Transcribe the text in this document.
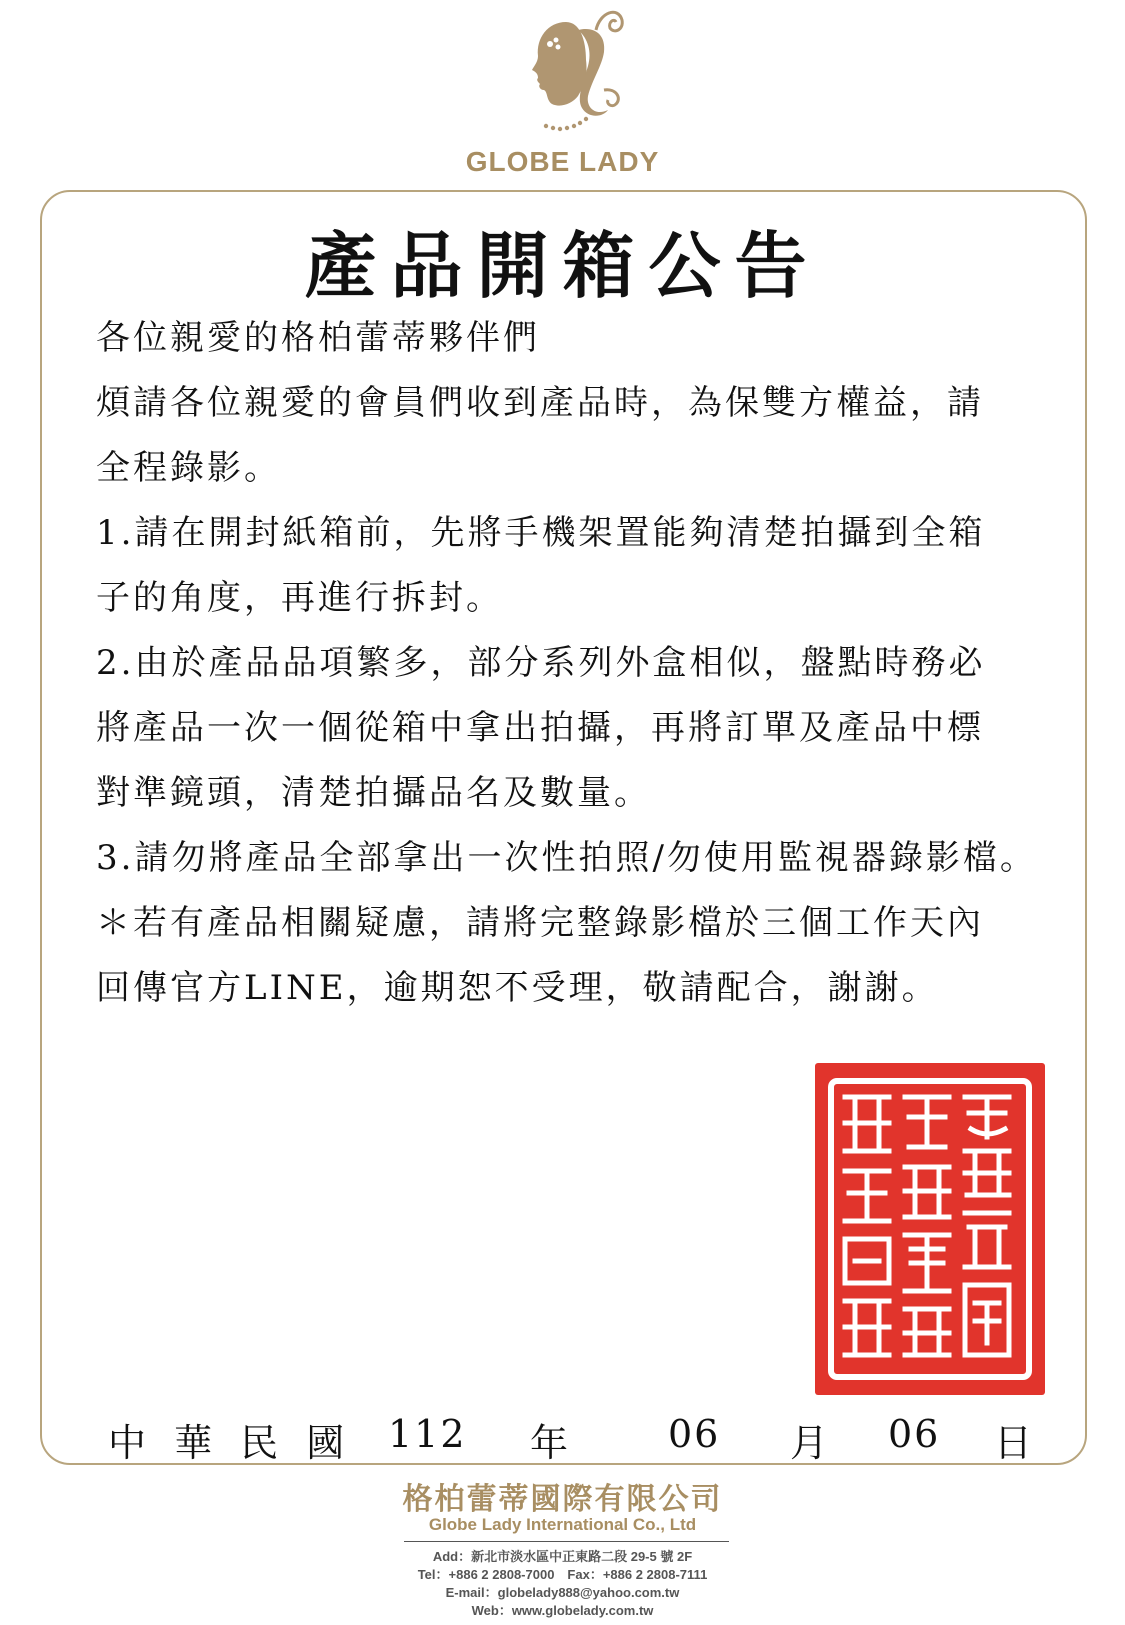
GLOBE LADY
產品開箱公告
各位親愛的格柏蕾蒂夥伴們
煩請各位親愛的會員們收到產品時，為保雙方權益，請
全程錄影。
1.請在開封紙箱前，先將手機架置能夠清楚拍攝到全箱
子的角度，再進行拆封。
2.由於產品品項繁多，部分系列外盒相似，盤點時務必
將產品一次一個從箱中拿出拍攝，再將訂單及產品中標
對準鏡頭，清楚拍攝品名及數量。
3.請勿將產品全部拿出一次性拍照/勿使用監視器錄影檔。
＊若有產品相關疑慮，請將完整錄影檔於三個工作天內
回傳官方LINE，逾期恕不受理，敬請配合，謝謝。
中 華 民 國 112 年	06 月 06 日
格柏蕾蒂國際有限公司
Globe Lady International Co., Ltd
Add：新北市淡水區中正東路二段 29-5 號 2F
Tel：+886 2 2808-7000　Fax：+886 2 2808-7111
E-mail：globelady888@yahoo.com.tw
Web：www.globelady.com.tw
